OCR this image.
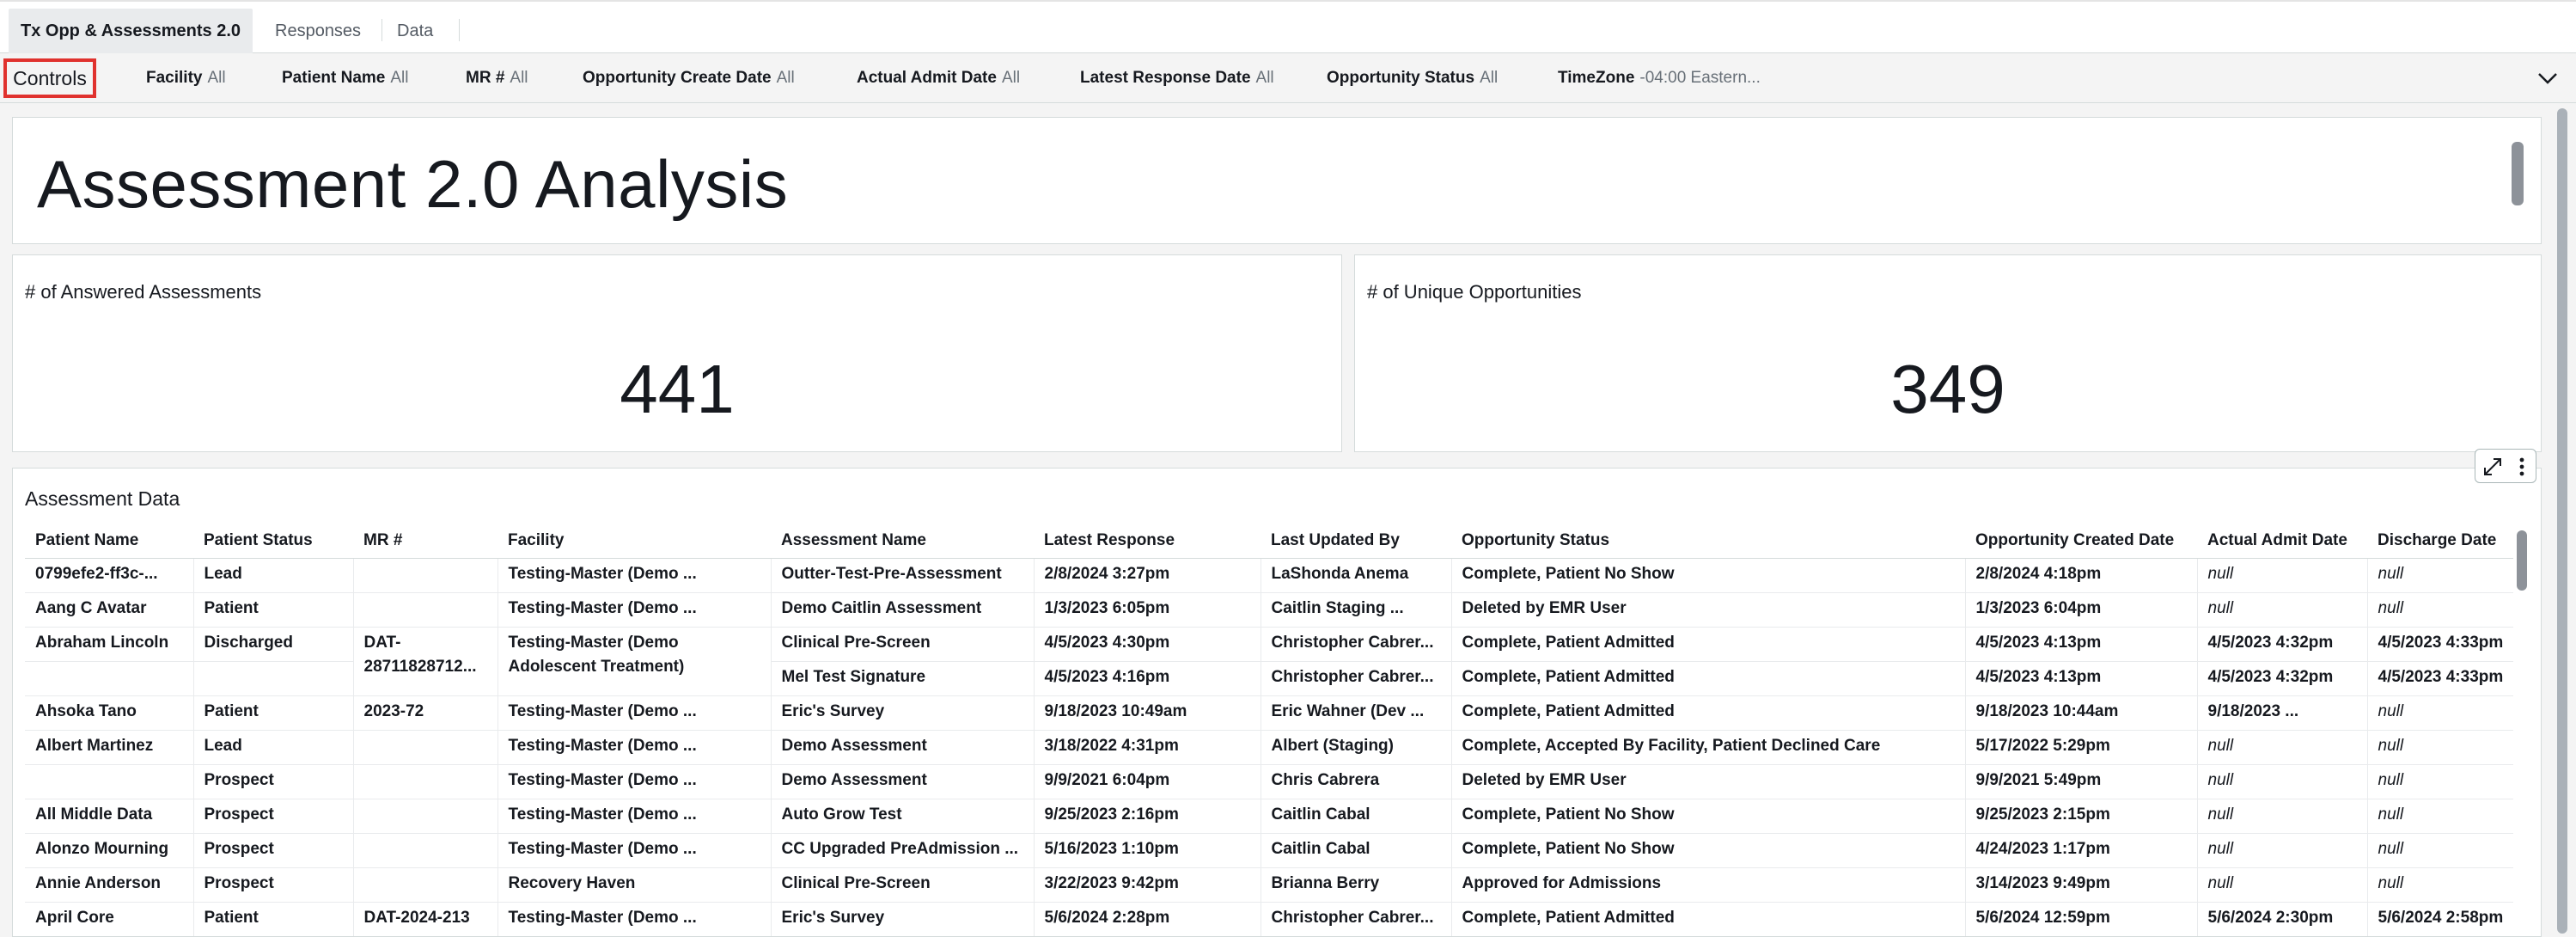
Tx Opp & Assessments 2.0	Responses	Data
Controls	Facility All	Patient Name All	MR # All	Opportunity Create Date All	Actual Admit Date All	Latest Response Date All	Opportunity Status All	TimeZone -04:00 Eastern...
Assessment 2.0 Analysis
# of Answered Assessments
441
# of Unique Opportunities
349
Assessment Data
Patient Name	Patient Status	MR #	Facility	Assessment Name	Latest Response	Last Updated By	Opportunity Status	Opportunity Created Date	Actual Admit Date	Discharge Date
0799efe2-ff3c-...	Lead		Testing-Master (Demo ...	Outter-Test-Pre-Assessment	2/8/2024 3:27pm	LaShonda Anema	Complete, Patient No Show	2/8/2024 4:18pm	null	null
Aang C Avatar	Patient		Testing-Master (Demo ...	Demo Caitlin Assessment	1/3/2023 6:05pm	Caitlin Staging ...	Deleted by EMR User	1/3/2023 6:04pm	null	null
Abraham Lincoln	Discharged	DAT-28711828712...	Testing-Master (Demo Adolescent Treatment)	Clinical Pre-Screen	4/5/2023 4:30pm	Christopher Cabrer...	Complete, Patient Admitted	4/5/2023 4:13pm	4/5/2023 4:32pm	4/5/2023 4:33pm
				Mel Test Signature	4/5/2023 4:16pm	Christopher Cabrer...	Complete, Patient Admitted	4/5/2023 4:13pm	4/5/2023 4:32pm	4/5/2023 4:33pm
Ahsoka Tano	Patient	2023-72	Testing-Master (Demo ...	Eric's Survey	9/18/2023 10:49am	Eric Wahner (Dev ...	Complete, Patient Admitted	9/18/2023 10:44am	9/18/2023 ...	null
Albert Martinez	Lead		Testing-Master (Demo ...	Demo Assessment	3/18/2022 4:31pm	Albert (Staging)	Complete, Accepted By Facility, Patient Declined Care	5/17/2022 5:29pm	null	null
	Prospect		Testing-Master (Demo ...	Demo Assessment	9/9/2021 6:04pm	Chris Cabrera	Deleted by EMR User	9/9/2021 5:49pm	null	null
All Middle Data	Prospect		Testing-Master (Demo ...	Auto Grow Test	9/25/2023 2:16pm	Caitlin Cabal	Complete, Patient No Show	9/25/2023 2:15pm	null	null
Alonzo Mourning	Prospect		Testing-Master (Demo ...	CC Upgraded PreAdmission ...	5/16/2023 1:10pm	Caitlin Cabal	Complete, Patient No Show	4/24/2023 1:17pm	null	null
Annie Anderson	Prospect		Recovery Haven	Clinical Pre-Screen	3/22/2023 9:42pm	Brianna Berry	Approved for Admissions	3/14/2023 9:49pm	null	null
April Core	Patient	DAT-2024-213	Testing-Master (Demo ...	Eric's Survey	5/6/2024 2:28pm	Christopher Cabrer...	Complete, Patient Admitted	5/6/2024 12:59pm	5/6/2024 2:30pm	5/6/2024 2:58pm
